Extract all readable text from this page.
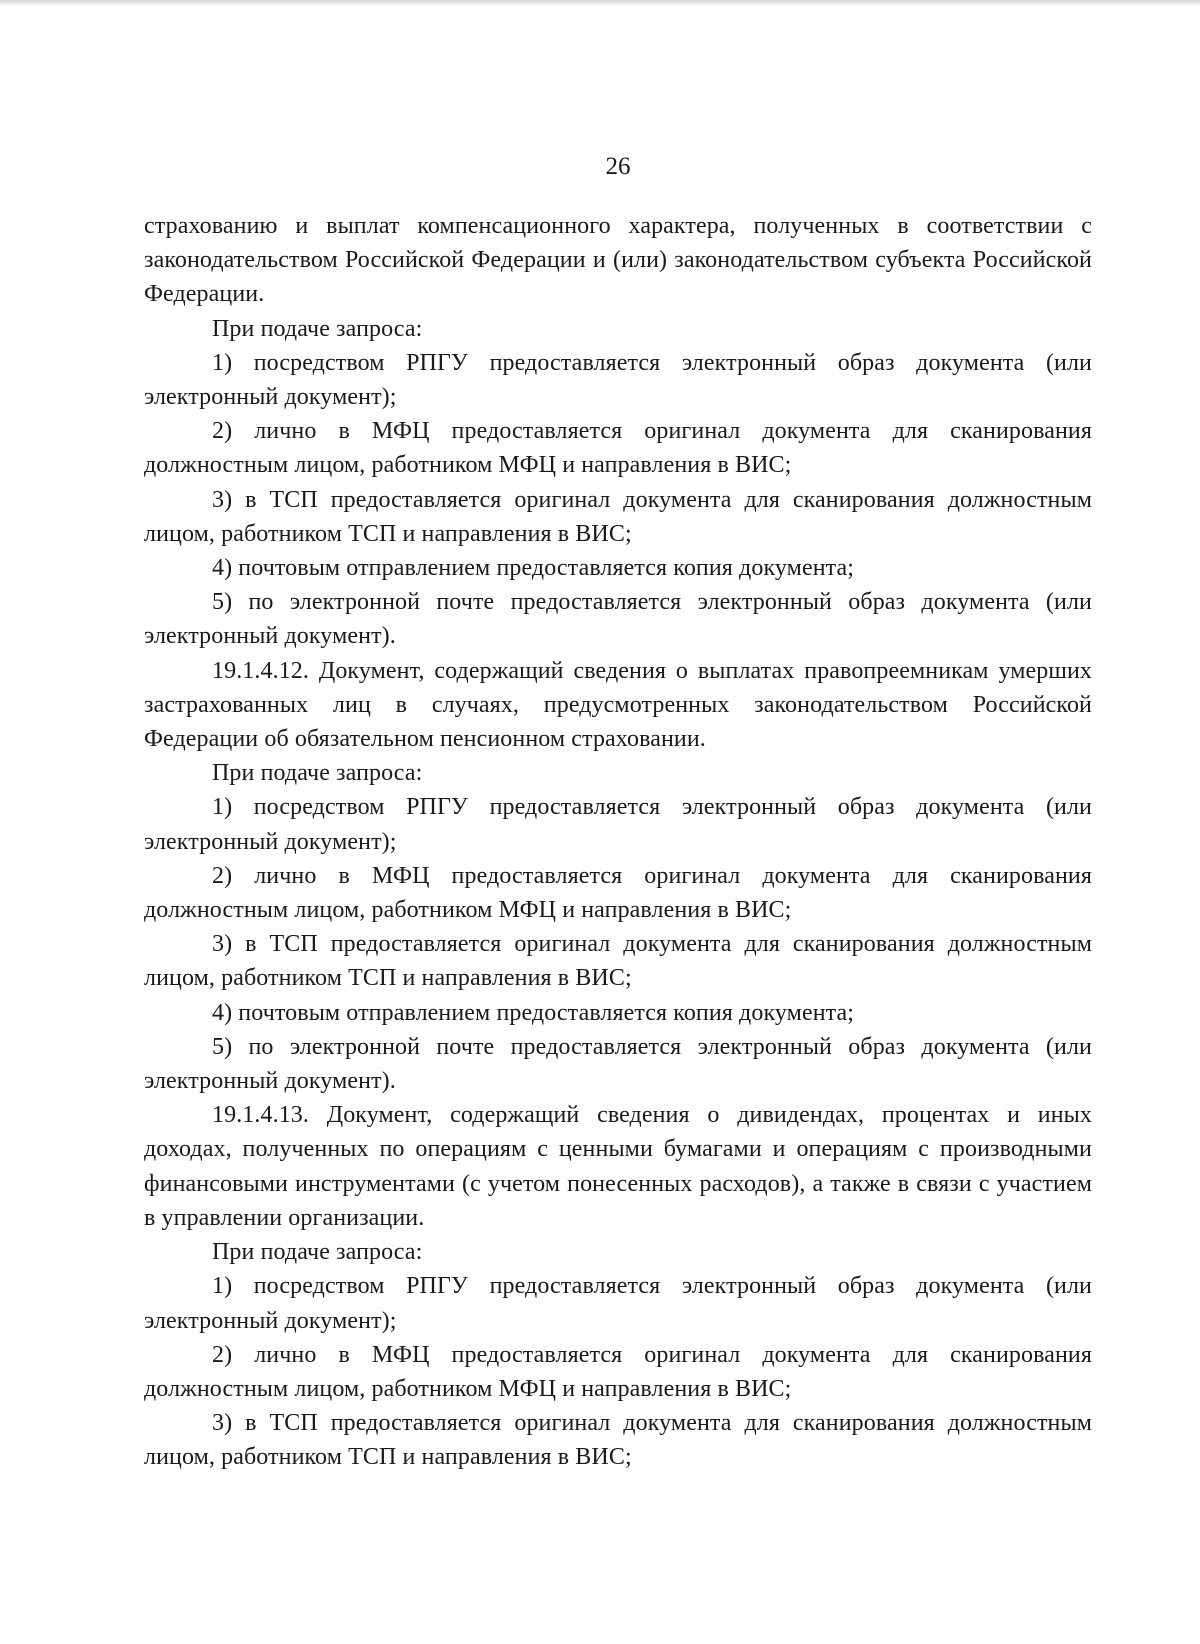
26

страхованию и выплат компенсационного характера, полученных в соответствии с законодательством Российской Федерации и (или) законодательством субъекта Российской Федерации.

При подаче запроса:

1) посредством РПГУ предоставляется электронный образ документа (или электронный документ);

2) лично в МФЦ предоставляется оригинал документа для сканирования должностным лицом, работником МФЦ и направления в ВИС;

3) в ТСП предоставляется оригинал документа для сканирования должностным лицом, работником ТСП и направления в ВИС;

4) почтовым отправлением предоставляется копия документа;

5) по электронной почте предоставляется электронный образ документа (или электронный документ).

19.1.4.12. Документ, содержащий сведения о выплатах правопреемникам умерших застрахованных лиц в случаях, предусмотренных законодательством Российской Федерации об обязательном пенсионном страховании.

При подаче запроса:

1) посредством РПГУ предоставляется электронный образ документа (или электронный документ);

2) лично в МФЦ предоставляется оригинал документа для сканирования должностным лицом, работником МФЦ и направления в ВИС;

3) в ТСП предоставляется оригинал документа для сканирования должностным лицом, работником ТСП и направления в ВИС;

4) почтовым отправлением предоставляется копия документа;

5) по электронной почте предоставляется электронный образ документа (или электронный документ).

19.1.4.13. Документ, содержащий сведения о дивидендах, процентах и иных доходах, полученных по операциям с ценными бумагами и операциям с производными финансовыми инструментами (с учетом понесенных расходов), а также в связи с участием в управлении организации.

При подаче запроса:

1) посредством РПГУ предоставляется электронный образ документа (или электронный документ);

2) лично в МФЦ предоставляется оригинал документа для сканирования должностным лицом, работником МФЦ и направления в ВИС;

3) в ТСП предоставляется оригинал документа для сканирования должностным лицом, работником ТСП и направления в ВИС;
